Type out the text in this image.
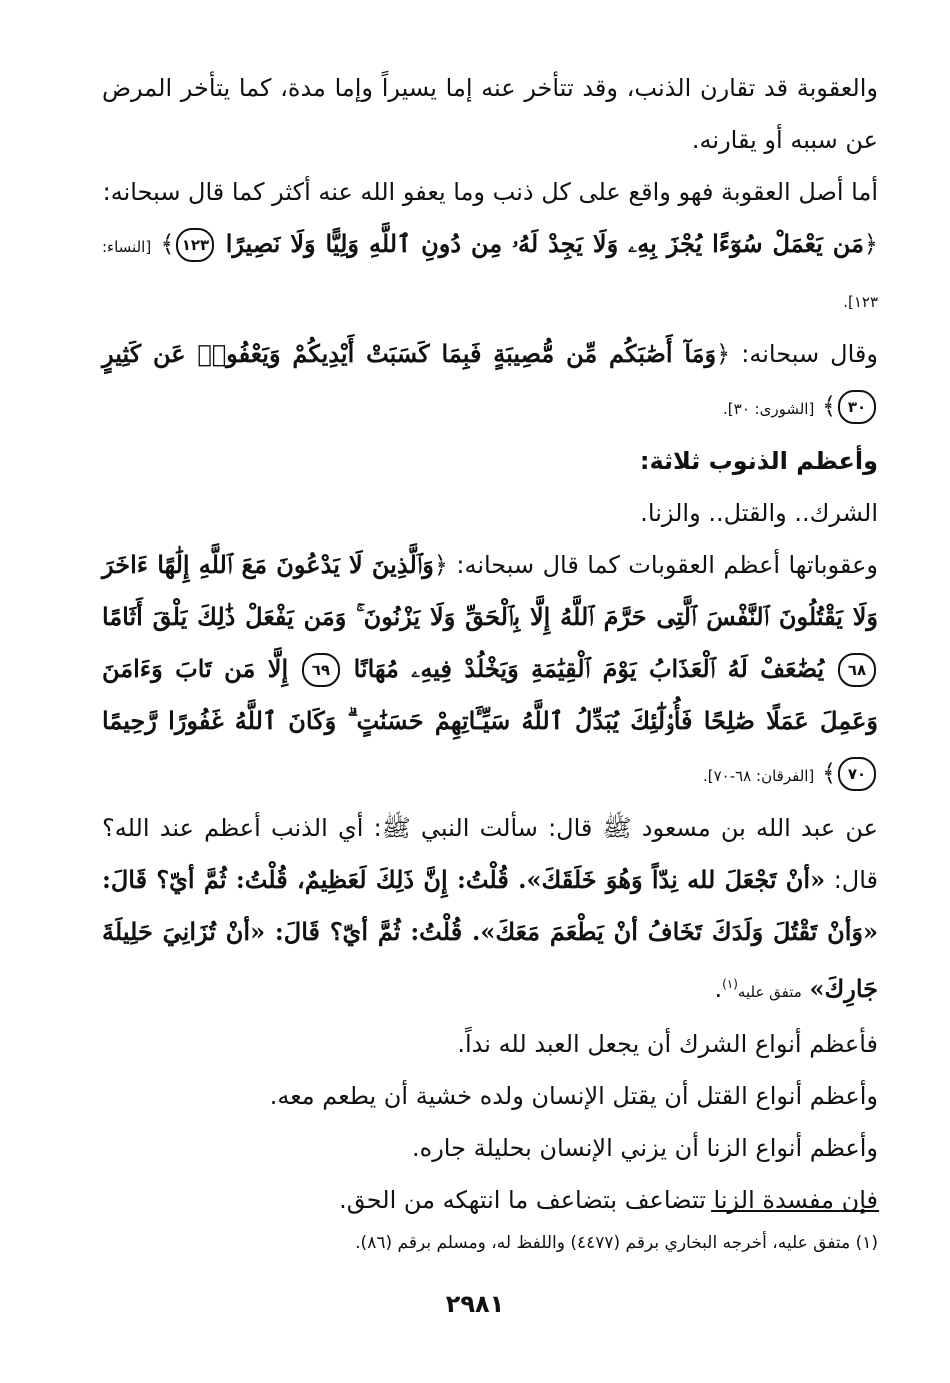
والعقوبة قد تقارن الذنب، وقد تتأخر عنه إما يسيراً وإما مدة، كما يتأخر المرض عن سببه أو يقارنه.

أما أصل العقوبة فهو واقع على كل ذنب وما يعفو الله عنه أكثر كما قال سبحانه:

﴿مَن يَعْمَلْ سُوٓءًا يُجْزَ بِهِۦ وَلَا يَجِدْ لَهُۥ مِن دُونِ ٱللَّهِ وَلِيًّا وَلَا نَصِيرًا ١٢٣﴾ [النساء: ١٢٣].

وقال سبحانه: ﴿وَمَآ أَصَٰبَكُم مِّن مُّصِيبَةٍ فَبِمَا كَسَبَتْ أَيْدِيكُمْ وَيَعْفُوا۟ عَن كَثِيرٍ ٣٠﴾ [الشورى: ٣٠].

وأعظم الذنوب ثلاثة:

الشرك.. والقتل.. والزنا.

وعقوباتها أعظم العقوبات كما قال سبحانه: ﴿وَٱلَّذِينَ لَا يَدْعُونَ مَعَ ٱللَّهِ إِلَٰهًا ءَاخَرَ وَلَا يَقْتُلُونَ ٱلنَّفْسَ ٱلَّتِى حَرَّمَ ٱللَّهُ إِلَّا بِٱلْحَقِّ وَلَا يَزْنُونَ ۚ وَمَن يَفْعَلْ ذَٰلِكَ يَلْقَ أَثَامًا ٦٨ يُضَٰعَفْ لَهُ ٱلْعَذَابُ يَوْمَ ٱلْقِيَٰمَةِ وَيَخْلُدْ فِيهِۦ مُهَانًا ٦٩ إِلَّا مَن تَابَ وَءَامَنَ وَعَمِلَ عَمَلًا صَٰلِحًا فَأُو۟لَٰٓئِكَ يُبَدِّلُ ٱللَّهُ سَيِّـَٔاتِهِمْ حَسَنَٰتٍ ۗ وَكَانَ ٱللَّهُ غَفُورًا رَّحِيمًا ٧٠﴾ [الفرقان: ٦٨-٧٠].

عن عبد الله بن مسعود ﷺ قال: سألت النبي ﷺ: أي الذنب أعظم عند الله؟ قال: «أنْ تَجْعَلَ لله نِدّاً وَهُوَ خَلَقَكَ». قُلْتُ: إِنَّ ذَلِكَ لَعَظِيمٌ، قُلْتُ: ثُمَّ أيّ؟ قَالَ: «وَأنْ تَقْتُلَ وَلَدَكَ تَخَافُ أنْ يَطْعَمَ مَعَكَ». قُلْتُ: ثُمَّ أيّ؟ قَالَ: «أنْ تُزَانِيَ حَلِيلَةَ جَارِكَ» متفق عليه$^{(١)}$.

فأعظم أنواع الشرك أن يجعل العبد لله نداً.

وأعظم أنواع القتل أن يقتل الإنسان ولده خشية أن يطعم معه.

وأعظم أنواع الزنا أن يزني الإنسان بحليلة جاره.

فإن مفسدة الزنا تتضاعف بتضاعف ما انتهكه من الحق.

(١) متفق عليه، أخرجه البخاري برقم (٤٤٧٧) واللفظ له، ومسلم برقم (٨٦).

٢٩٨١
